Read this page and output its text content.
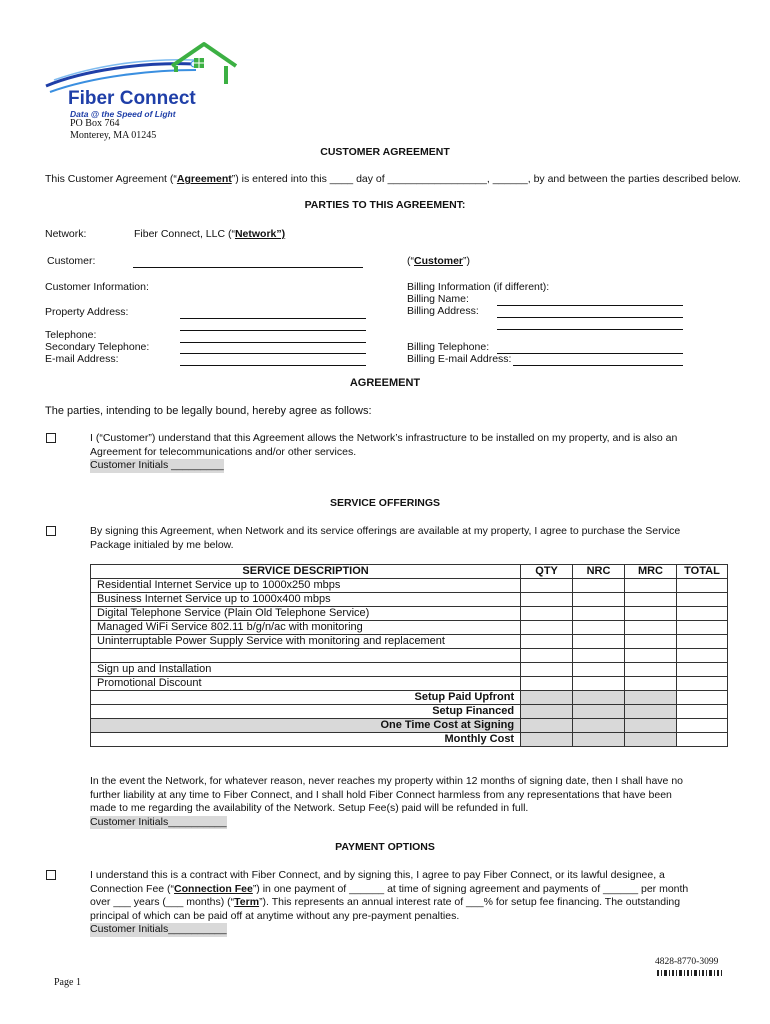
Fiber Connect
Data @ the Speed of Light
PO Box 764
Monterey, MA 01245
CUSTOMER AGREEMENT
This Customer Agreement (“Agreement”) is entered into this ____ day of _________________, ______, by and between the parties described below.
PARTIES TO THIS AGREEMENT:
Network:	Fiber Connect, LLC (“Network”)
Customer:	(“Customer”)
Customer Information:
Property Address:
Telephone:
Secondary Telephone:
E-mail Address:
Billing Information (if different):
Billing Name:
Billing Address:
Billing Telephone:
Billing E-mail Address:
AGREEMENT
The parties, intending to be legally bound, hereby agree as follows:
I (“Customer”) understand that this Agreement allows the Network’s infrastructure to be installed on my property, and is also an
Agreement for telecommunications and/or other services.
Customer Initials _________
SERVICE OFFERINGS
By signing this Agreement, when Network and its service offerings are available at my property, I agree to purchase the Service
Package initialed by me below.
SERVICE DESCRIPTION	QTY	NRC	MRC	TOTAL
Residential Internet Service up to 1000x250 mbps				
Business Internet Service up to 1000x400 mbps				
Digital Telephone Service (Plain Old Telephone Service)				
Managed WiFi Service 802.11 b/g/n/ac with monitoring				
Uninterruptable Power Supply Service with monitoring and replacement				

Sign up and Installation				
Promotional Discount				
Setup Paid Upfront				
Setup Financed				
One Time Cost at Signing				
Monthly Cost				
In the event the Network, for whatever reason, never reaches my property within 12 months of signing date, then I shall have no
further liability at any time to Fiber Connect, and I shall hold Fiber Connect harmless from any representations that have been
made to me regarding the availability of the Network. Setup Fee(s) paid will be refunded in full.
Customer Initials__________
PAYMENT OPTIONS
I understand this is a contract with Fiber Connect, and by signing this, I agree to pay Fiber Connect, or its lawful designee, a
Connection Fee (“Connection Fee”) in one payment of ______ at time of signing agreement and payments of ______ per month
over ___ years (___ months) (“Term”). This represents an annual interest rate of ___% for setup fee financing. The outstanding
principal of which can be paid off at anytime without any pre-payment penalties.
Customer Initials__________
4828-8770-3099
Page 1
